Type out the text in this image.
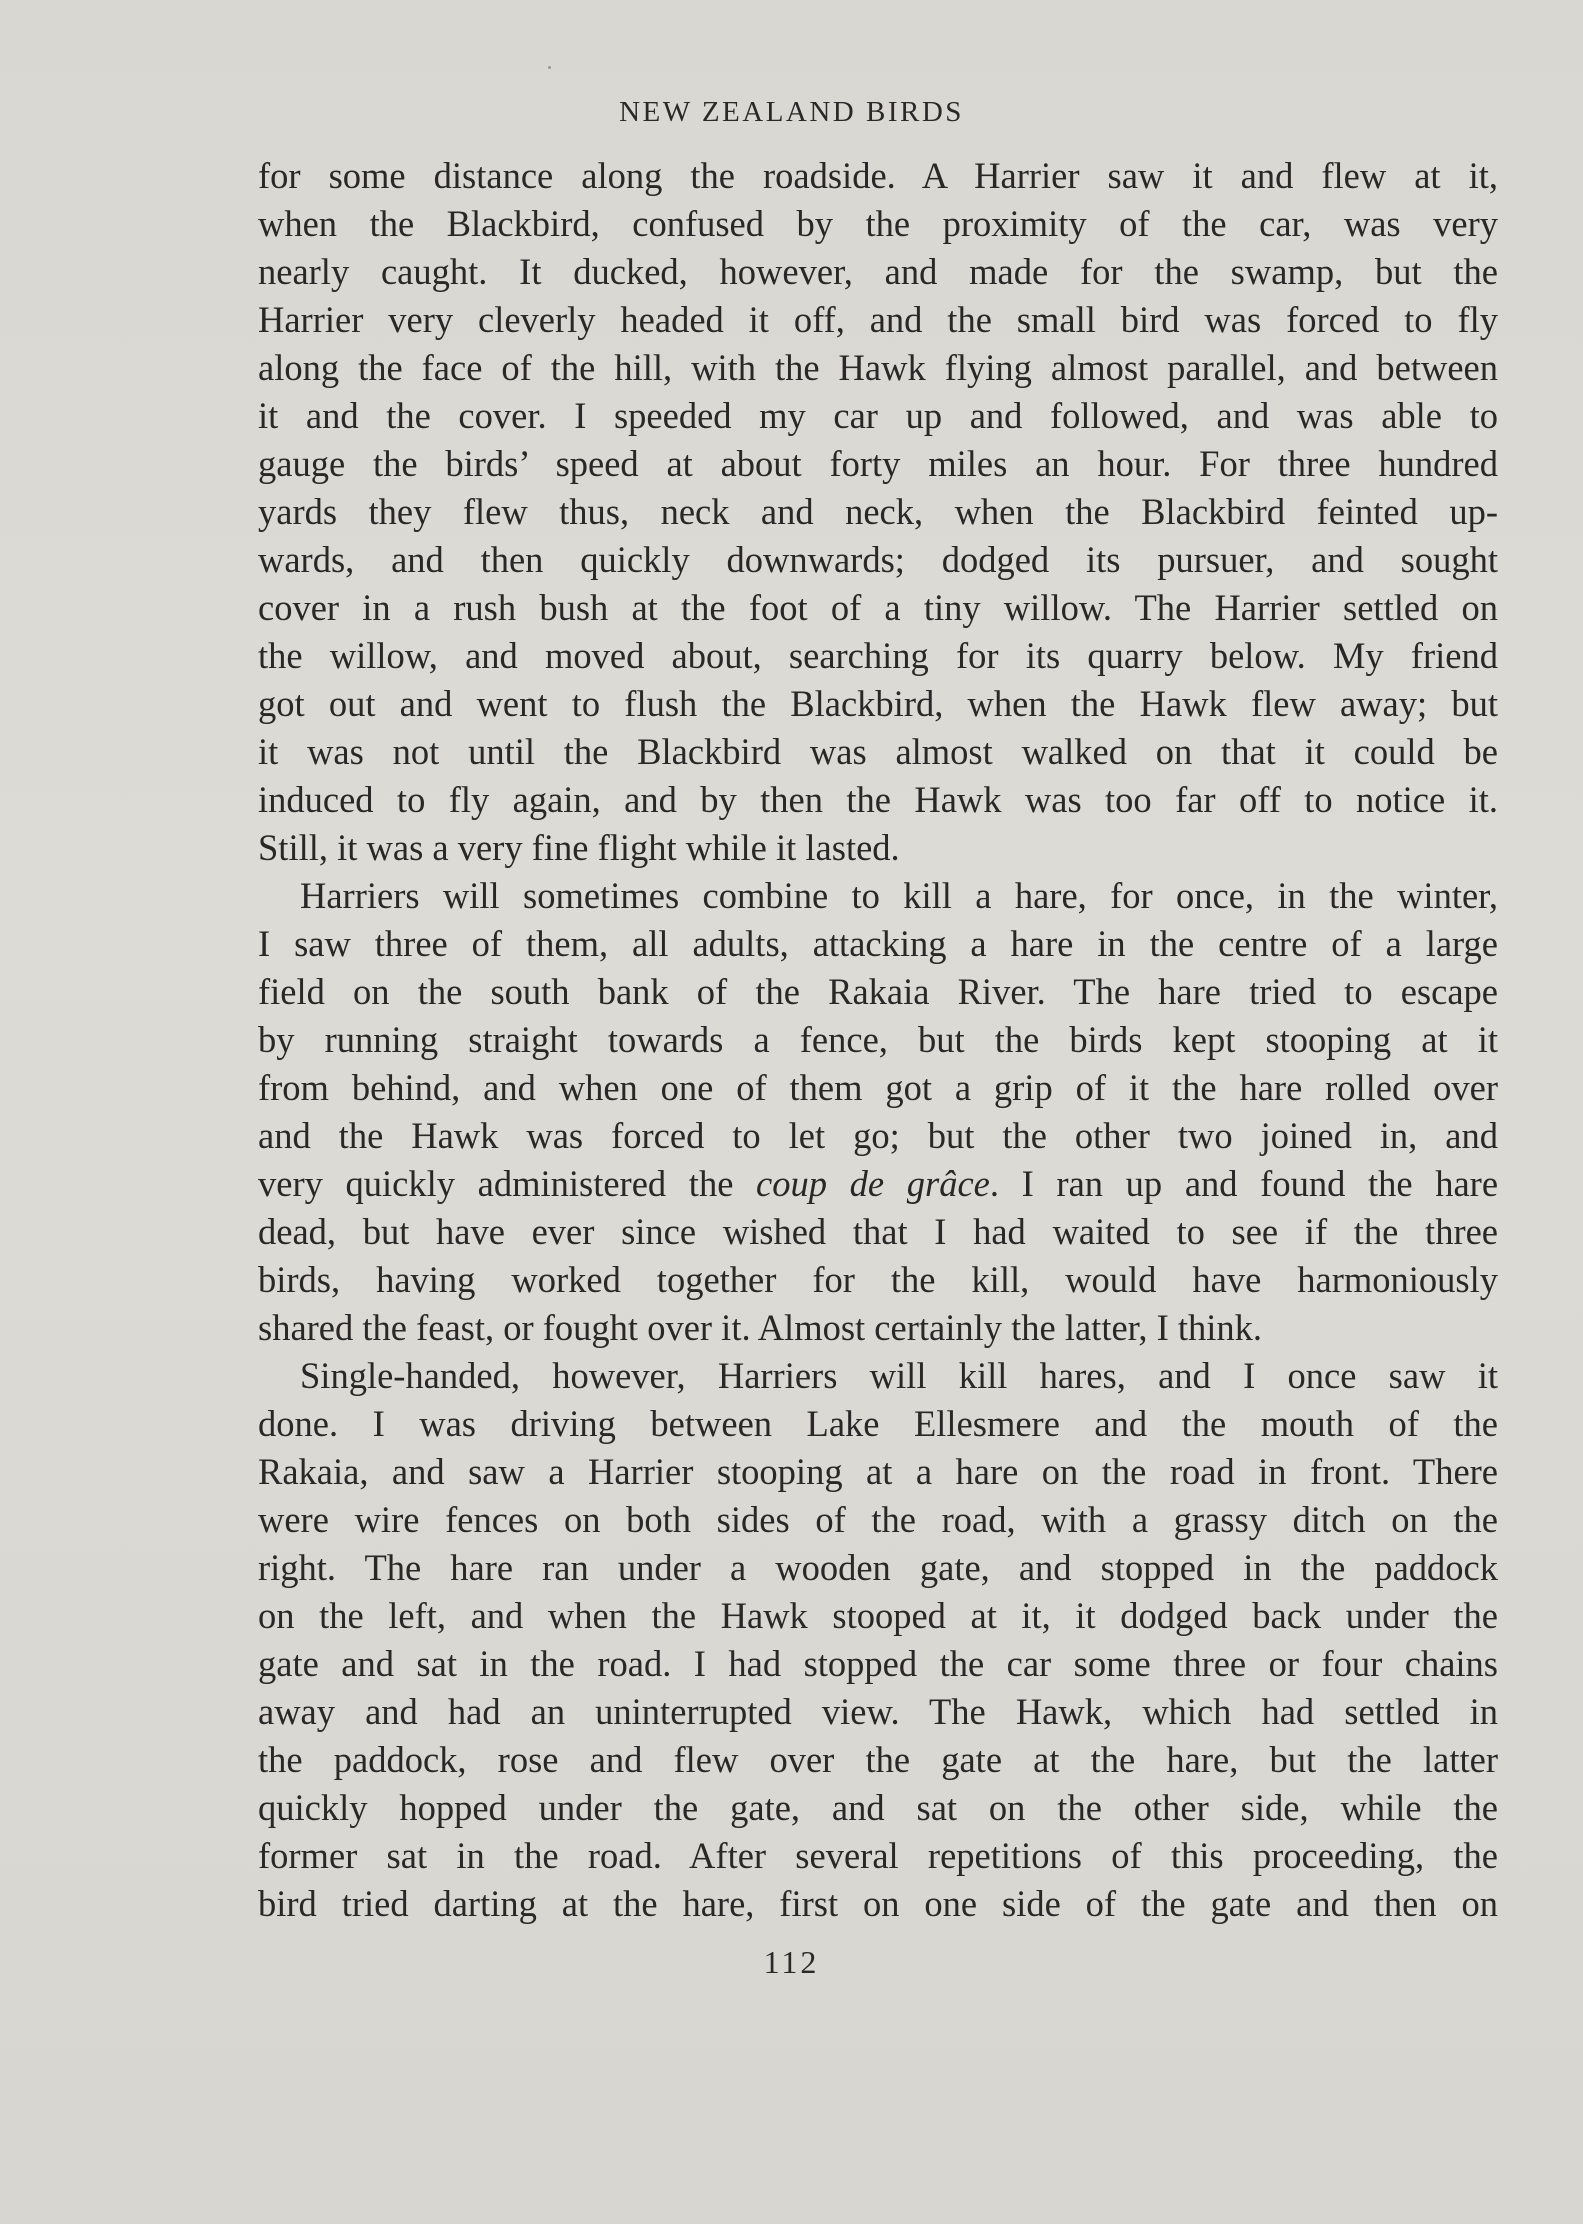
NEW ZEALAND BIRDS
for some distance along the roadside. A Harrier saw it and flew at it,
when the Blackbird, confused by the proximity of the car, was very
nearly caught. It ducked, however, and made for the swamp, but the
Harrier very cleverly headed it off, and the small bird was forced to fly
along the face of the hill, with the Hawk flying almost parallel, and between
it and the cover. I speeded my car up and followed, and was able to
gauge the birds’ speed at about forty miles an hour. For three hundred
yards they flew thus, neck and neck, when the Blackbird feinted up-
wards, and then quickly downwards; dodged its pursuer, and sought
cover in a rush bush at the foot of a tiny willow. The Harrier settled on
the willow, and moved about, searching for its quarry below. My friend
got out and went to flush the Blackbird, when the Hawk flew away; but
it was not until the Blackbird was almost walked on that it could be
induced to fly again, and by then the Hawk was too far off to notice it.
Still, it was a very fine flight while it lasted.
Harriers will sometimes combine to kill a hare, for once, in the winter,
I saw three of them, all adults, attacking a hare in the centre of a large
field on the south bank of the Rakaia River. The hare tried to escape
by running straight towards a fence, but the birds kept stooping at it
from behind, and when one of them got a grip of it the hare rolled over
and the Hawk was forced to let go; but the other two joined in, and
very quickly administered the coup de grâce. I ran up and found the hare
dead, but have ever since wished that I had waited to see if the three
birds, having worked together for the kill, would have harmoniously
shared the feast, or fought over it. Almost certainly the latter, I think.
Single-handed, however, Harriers will kill hares, and I once saw it
done. I was driving between Lake Ellesmere and the mouth of the
Rakaia, and saw a Harrier stooping at a hare on the road in front. There
were wire fences on both sides of the road, with a grassy ditch on the
right. The hare ran under a wooden gate, and stopped in the paddock
on the left, and when the Hawk stooped at it, it dodged back under the
gate and sat in the road. I had stopped the car some three or four chains
away and had an uninterrupted view. The Hawk, which had settled in
the paddock, rose and flew over the gate at the hare, but the latter
quickly hopped under the gate, and sat on the other side, while the
former sat in the road. After several repetitions of this proceeding, the
bird tried darting at the hare, first on one side of the gate and then on
112
